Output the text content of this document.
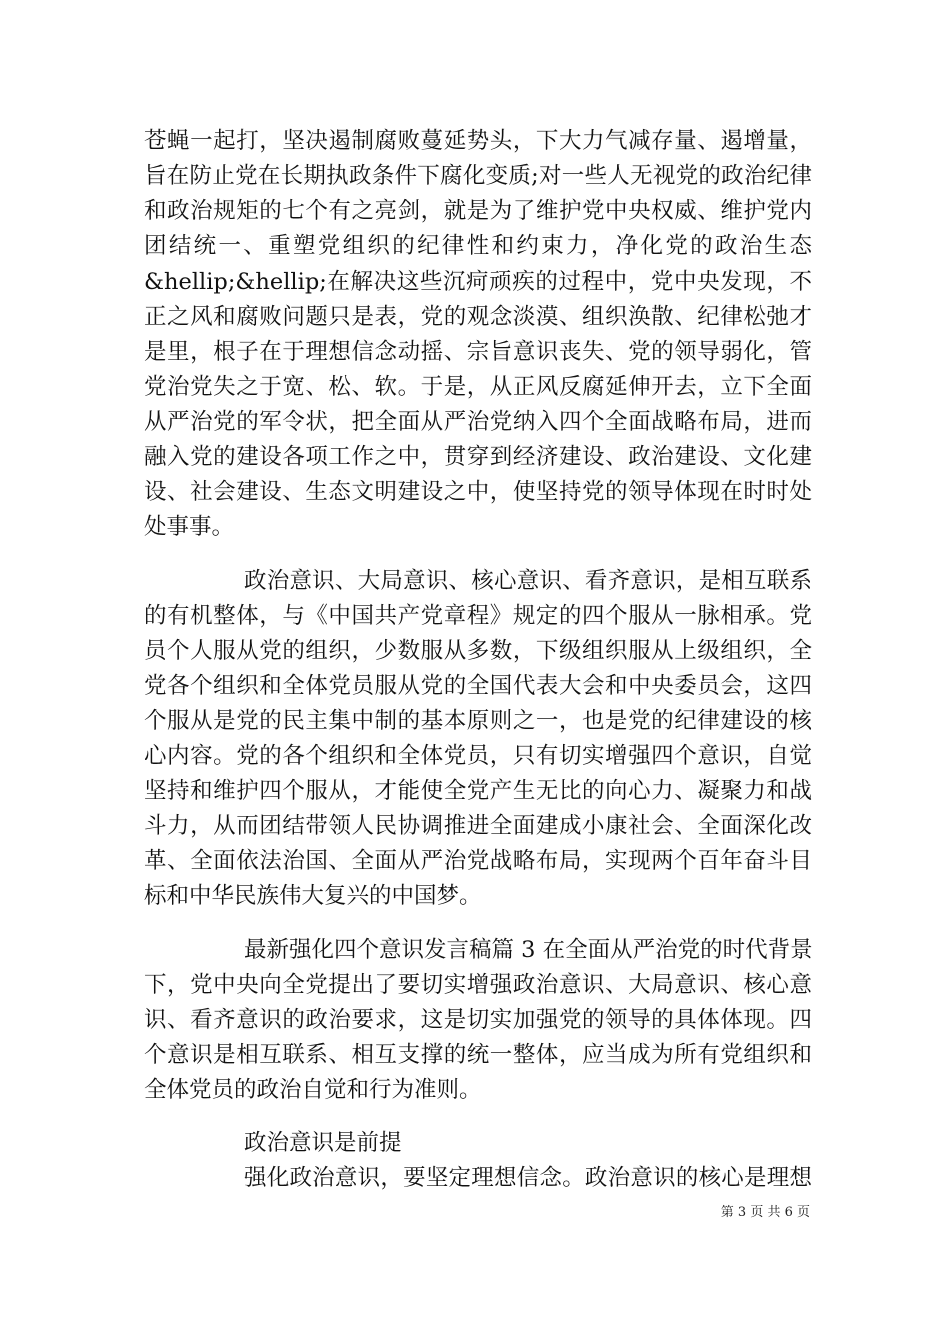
苍蝇一起打，坚决遏制腐败蔓延势头，下大力气减存量、遏增量，
旨在防止党在长期执政条件下腐化变质;对一些人无视党的政治纪律
和政治规矩的七个有之亮剑，就是为了维护党中央权威、维护党内
团结统一、重塑党组织的纪律性和约束力，净化党的政治生态
&hellip;&hellip;在解决这些沉疴顽疾的过程中，党中央发现，不
正之风和腐败问题只是表，党的观念淡漠、组织涣散、纪律松弛才
是里，根子在于理想信念动摇、宗旨意识丧失、党的领导弱化，管
党治党失之于宽、松、软。于是，从正风反腐延伸开去，立下全面
从严治党的军令状，把全面从严治党纳入四个全面战略布局，进而
融入党的建设各项工作之中，贯穿到经济建设、政治建设、文化建
设、社会建设、生态文明建设之中，使坚持党的领导体现在时时处
处事事。
政治意识、大局意识、核心意识、看齐意识，是相互联系
的有机整体，与《中国共产党章程》规定的四个服从一脉相承。党
员个人服从党的组织，少数服从多数，下级组织服从上级组织，全
党各个组织和全体党员服从党的全国代表大会和中央委员会，这四
个服从是党的民主集中制的基本原则之一，也是党的纪律建设的核
心内容。党的各个组织和全体党员，只有切实增强四个意识，自觉
坚持和维护四个服从，才能使全党产生无比的向心力、凝聚力和战
斗力，从而团结带领人民协调推进全面建成小康社会、全面深化改
革、全面依法治国、全面从严治党战略布局，实现两个百年奋斗目
标和中华民族伟大复兴的中国梦。
最新强化四个意识发言稿篇 3 在全面从严治党的时代背景
下，党中央向全党提出了要切实增强政治意识、大局意识、核心意
识、看齐意识的政治要求，这是切实加强党的领导的具体体现。四
个意识是相互联系、相互支撑的统一整体，应当成为所有党组织和
全体党员的政治自觉和行为准则。
政治意识是前提
强化政治意识，要坚定理想信念。政治意识的核心是理想
第 3 页 共 6 页
